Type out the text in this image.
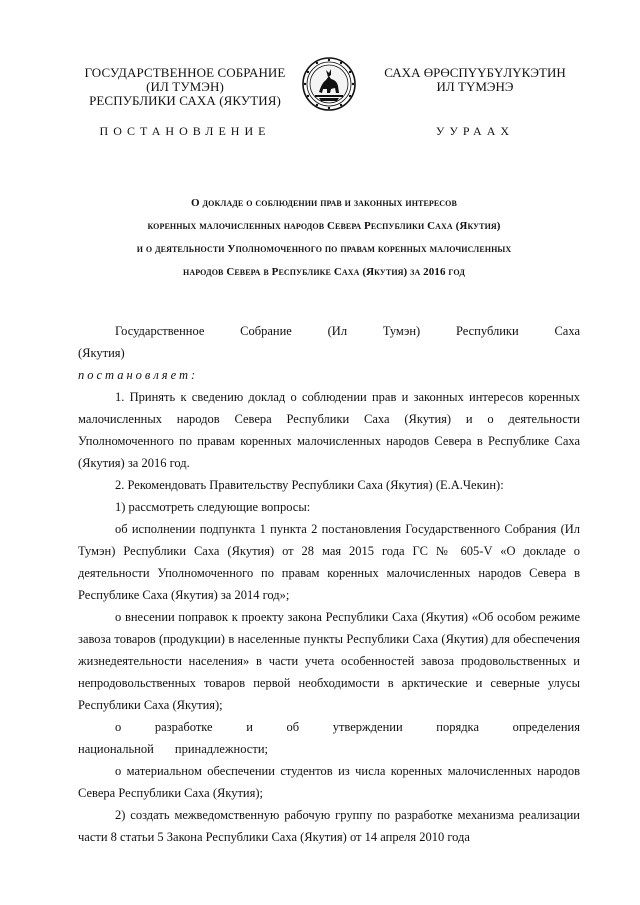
ГОСУДАРСТВЕННОЕ СОБРАНИЕ
(ИЛ ТУМЭН)
РЕСПУБЛИКИ САХА (ЯКУТИЯ)
САХА ӨРӨСПҮҮБҮЛҮКЭТИН
ИЛ ТҮМЭНЭ
ПОСТАНОВЛЕНИЕ	УУРААХ
О докладе о соблюдении прав и законных интересов
коренных малочисленных народов Севера Республики Саха (Якутия)
и о деятельности Уполномоченного по правам коренных малочисленных
народов Севера в Республике Саха (Якутия) за 2016 год

Государственное Собрание (Ил Тумэн) Республики Саха (Якутия)

постановляет:

1. Принять к сведению доклад о соблюдении прав и законных интересов коренных малочисленных народов Севера Республики Саха (Якутия) и о деятельности Уполномоченного по правам коренных малочисленных народов Севера в Республике Саха (Якутия) за 2016 год.

2. Рекомендовать Правительству Республики Саха (Якутия) (Е.А.Чекин):

1) рассмотреть следующие вопросы:

об исполнении подпункта 1 пункта 2 постановления Государственного Собрания (Ил Тумэн) Республики Саха (Якутия) от 28 мая 2015 года ГС № 605-V «О докладе о деятельности Уполномоченного по правам коренных малочисленных народов Севера в Республике Саха (Якутия) за 2014 год»;

о внесении поправок к проекту закона Республики Саха (Якутия) «Об особом режиме завоза товаров (продукции) в населенные пункты Республики Саха (Якутия) для обеспечения жизнедеятельности населения» в части учета особенностей завоза продовольственных и непродовольственных товаров первой необходимости в арктические и северные улусы Республики Саха (Якутия);

о разработке и об утверждении порядка определения национальной принадлежности;

о материальном обеспечении студентов из числа коренных малочисленных народов Севера Республики Саха (Якутия);

2) создать межведомственную рабочую группу по разработке механизма реализации части 8 статьи 5 Закона Республики Саха (Якутия) от 14 апреля 2010 года
